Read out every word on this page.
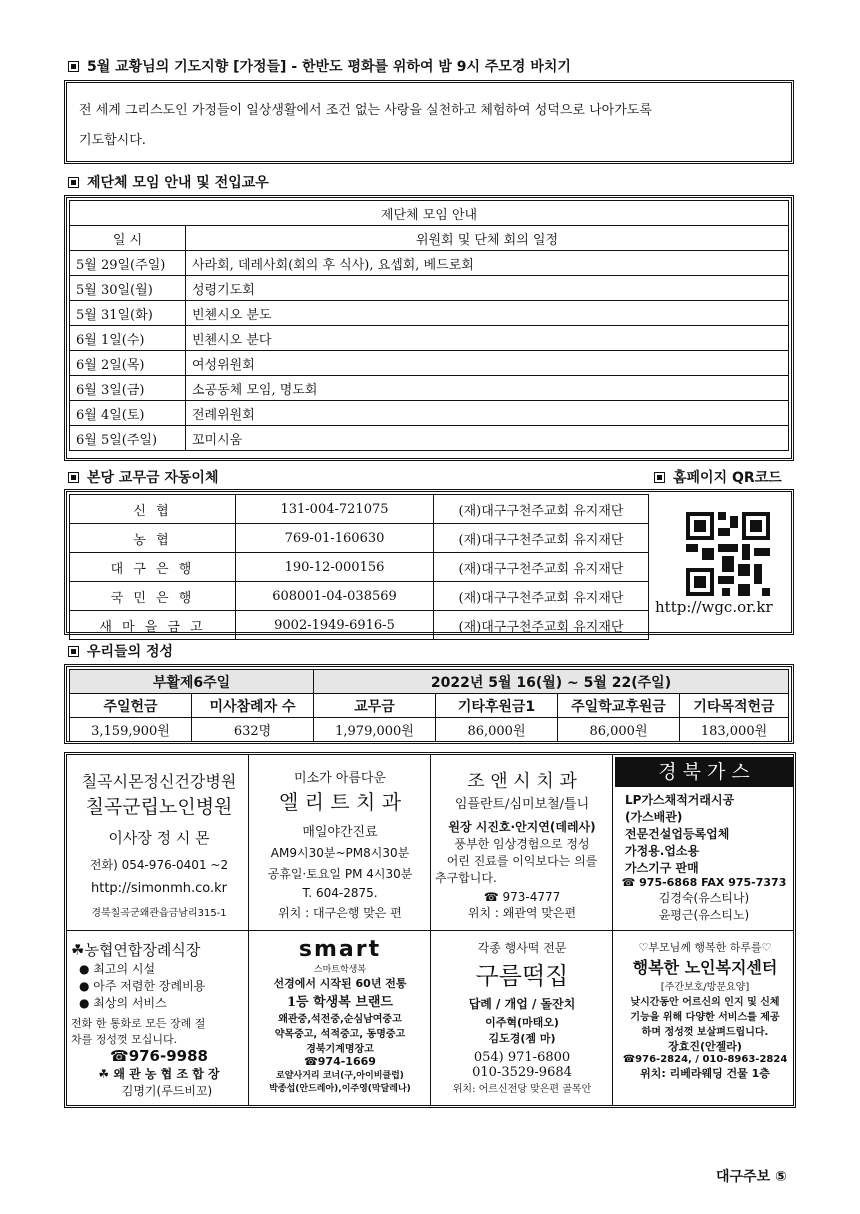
5월 교황님의 기도지향 [가정들] - 한반도 평화를 위하여 밤 9시 주모경 바치기
전 세계 그리스도인 가정들이 일상생활에서 조건 없는 사랑을 실천하고 체험하여 성덕으로 나아가도록
기도합시다.
제단체 모임 안내 및 전입교우
제단체 모임 안내	
일 시	위원회 및 단체 회의 일정
5월 29일(주일)	사라회, 데레사회(회의 후 식사), 요셉회, 베드로회
5월 30일(월)	성령기도회
5월 31일(화)	빈첸시오 분도
6월 1일(수)	빈첸시오 분다
6월 2일(목)	여성위원회
6월 3일(금)	소공동체 모임, 명도회
6월 4일(토)	전례위원회
6월 5일(주일)	꼬미시움
본당 교무금 자동이체	홈페이지 QR코드
신 협	131-004-721075	(재)대구구천주교회 유지재단
농 협	769-01-160630	(재)대구구천주교회 유지재단
대 구 은 행	190-12-000156	(재)대구구천주교회 유지재단
국 민 은 행	608001-04-038569	(재)대구구천주교회 유지재단
새 마 을 금 고	9002-1949-6916-5	(재)대구구천주교회 유지재단
http://wgc.or.kr
우리들의 정성
부활제6주일		2022년 5월 16(월) ~ 5월 22(주일)			
주일헌금	미사참례자 수	교무금	기타후원금1	주일학교후원금	기타목적헌금
3,159,900원	632명	1,979,000원	86,000원	86,000원	183,000원
칠곡시몬정신건강병원
칠곡군립노인병원
이사장 정 시 몬
전화) 054-976-0401 ~2
http://simonmh.co.kr
경북칠곡군왜관읍금남리315-1
미소가 아름다운
엘 리 트 치 과
매일야간진료
AM9시30분~PM8시30분
공휴일·토요일 PM 4시30분
T. 604-2875.
위치 : 대구은행 맞은 편
조 앤 시 치 과
임플란트/심미보철/틀니
원장 시진호·안지연(데레사)
풍부한 임상경험으로 정성
어린 진료를 이익보다는 의를
추구합니다.
☎ 973-4777
위치 : 왜관역 맞은편
경 북 가 스
LP가스채적거래시공
(가스배관)
전문건설업등록업체
가정용.업소용
가스기구 판매
☎ 975-6868 FAX 975-7373
김경숙(유스티나)
윤평근(유스티노)
☘농협연합장례식장
● 최고의 시설
● 아주 저렴한 장례비용
● 최상의 서비스
전화 한 통화로 모든 장례 절
차를 정성껏 모십니다.
☎976-9988
☘ 왜 관 농 협 조 합 장
김명기(루드비꼬)
smart
스마트학생복
선경에서 시작된 60년 전통
1등 학생복 브랜드
왜관중,석전중,순심남여중고
약목중고, 석적중고, 동명중고
경북기계명장고
☎974-1669
로얄사거리 코너(구,아이비클럽)
박종섭(안드레아),이주영(막달레나)
각종 행사떡 전문
구름떡집
답례 / 개업 / 돌잔치
이주혁(마태오)
김도경(젬 마)
054) 971-6800
010-3529-9684
위치: 어르신전당 맞은편 골목안
♡부모님께 행복한 하루를♡
행복한 노인복지센터
[주간보호/방문요양]
낮시간동안 어르신의 인지 및 신체
기능을 위해 다양한 서비스를 제공
하며 정성껏 보살펴드립니다.
장효진(안젤라)
☎976-2824, / 010-8963-2824
위치: 리베라웨딩 건물 1층
대구주보 ⑤
